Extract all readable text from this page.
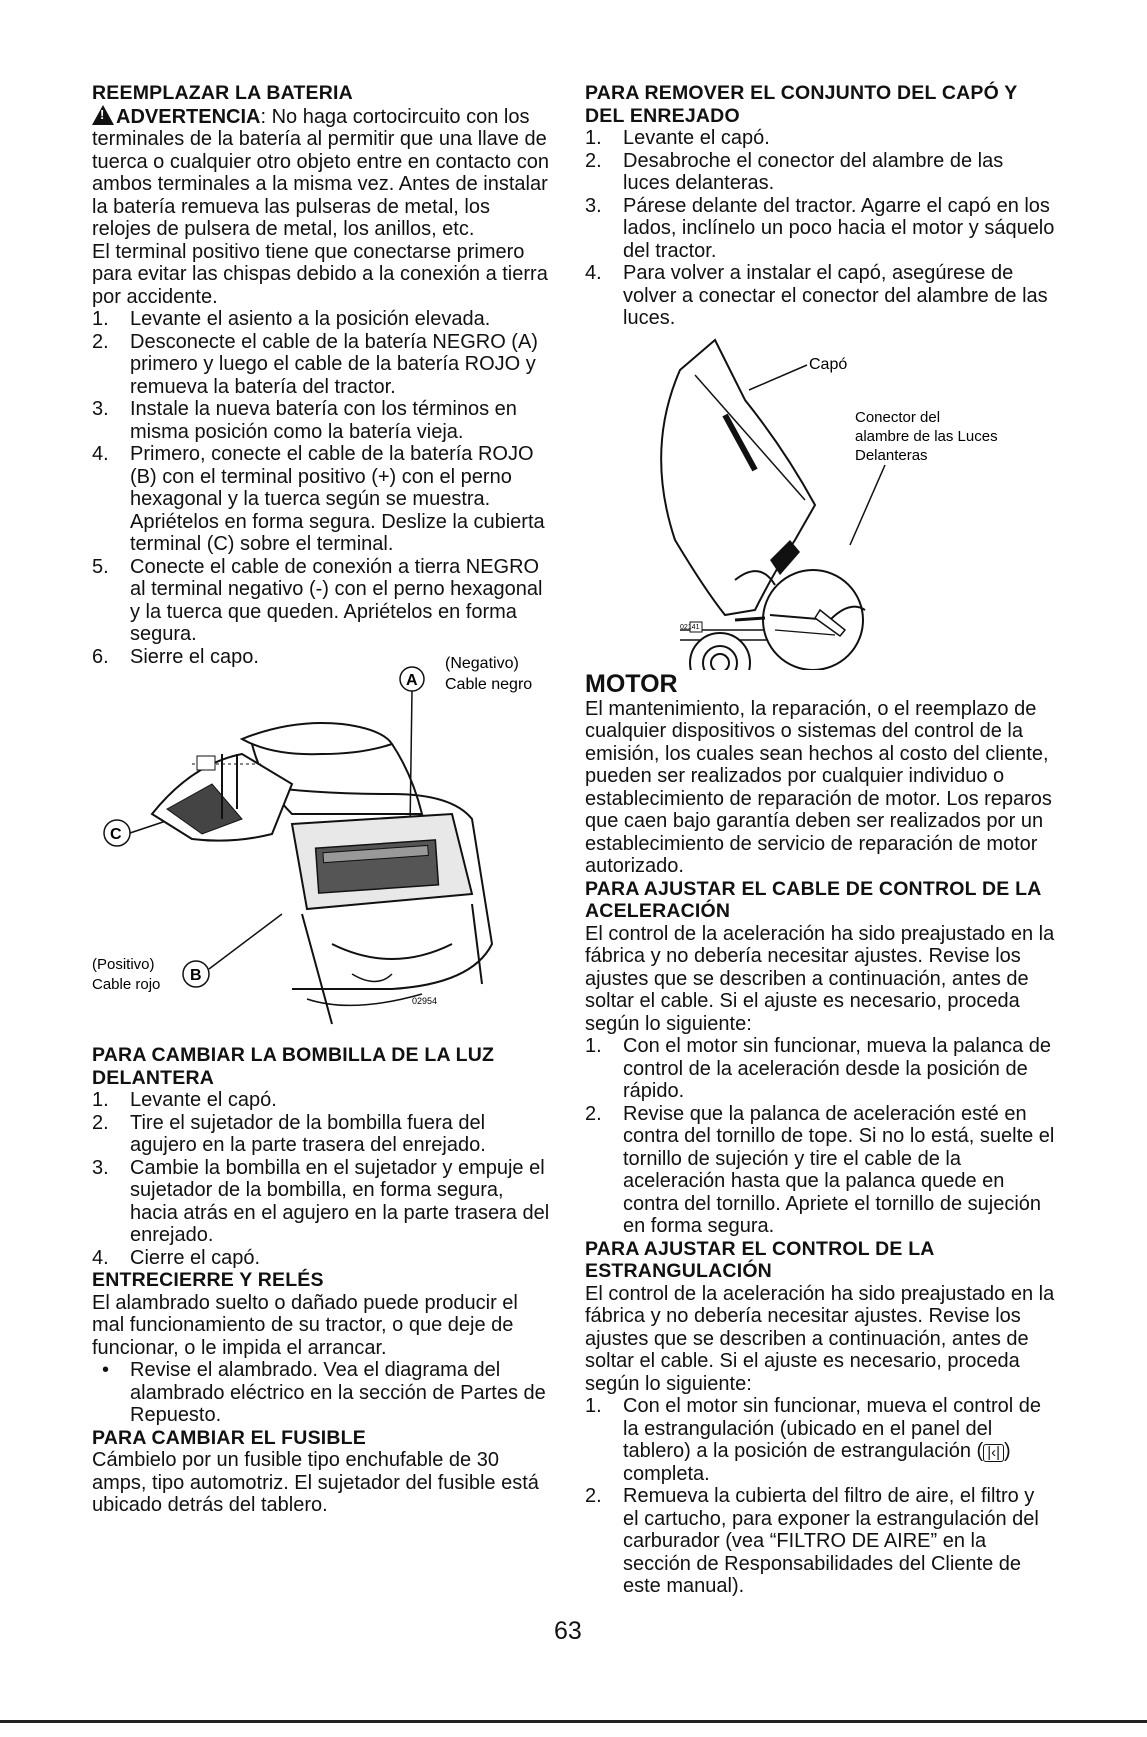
REEMPLAZAR LA BATERIA

! ADVERTENCIA: No haga cortocircuito con los terminales de la batería al permitir que una llave de tuerca o cualquier otro objeto entre en contacto con ambos terminales a la misma vez. Antes de instalar la batería remueva las pulseras de metal, los relojes de pulsera de metal, los anillos, etc.

El terminal positivo tiene que conectarse primero para evitar las chispas debido a la conexión a tierra por accidente.

1.	Levante el asiento a la posición elevada.
2.	Desconecte el cable de la batería NEGRO (A) primero y luego el cable de la batería ROJO y remueva la batería del tractor.
3.	Instale la nueva batería con los términos en misma posición como la batería vieja.
4.	Primero, conecte el cable de la batería ROJO (B) con el terminal positivo (+) con el perno hexagonal y la tuerca según se muestra. Apriételos en forma segura. Deslize la cubierta terminal (C) sobre el terminal.
5.	Conecte el cable de conexión a tierra NEGRO al terminal negativo (-) con el perno hexagonal y la tuerca que queden. Apriételos en forma segura.
6.	Sierre el capo.	(Negativo)
Cable negro
A
C
(Positivo)
Cable rojo
B
02954
PARA CAMBIAR LA BOMBILLA DE LA LUZ DELANTERA
1.	Levante el capó.
2.	Tire el sujetador de la bombilla fuera del agujero en la parte trasera del enrejado.
3.	Cambie la bombilla en el sujetador y empuje el sujetador de la bombilla, en forma segura, hacia atrás en el agujero en la parte trasera del enrejado.
4.	Cierre el capó.
ENTRECIERRE Y RELÉS

El alambrado suelto o dañado puede producir el mal funcionamiento de su tractor, o que deje de funcionar, o le impida el arrancar.

•	Revise el alambrado. Vea el diagrama del alambrado eléctrico en la sección de Partes de Repuesto.
PARA CAMBIAR EL FUSIBLE

Cámbielo por un fusible tipo enchufable de 30 amps, tipo automotriz. El sujetador del fusible está ubicado detrás del tablero.

PARA REMOVER EL CONJUNTO DEL CAPÓ Y DEL ENREJADO
1.	Levante el capó.
2.	Desabroche el conector del alambre de las luces delanteras.
3.	Párese delante del tractor. Agarre el capó en los lados, inclínelo un poco hacia el motor y sáquelo del tractor.
4.	Para volver a instalar el capó, asegúrese de volver a conectar el conector del alambre de las luces.
02141
Capó
Conector del
alambre de las Luces
Delanteras
MOTOR

El mantenimiento, la reparación, o el reemplazo de cualquier dispositivos o sistemas del control de la emisión, los cuales sean hechos al costo del cliente, pueden ser realizados por cualquier individuo o establecimiento de reparación de motor. Los reparos que caen bajo garantía deben ser realizados por un establecimiento de servicio de reparación de motor autorizado.

PARA AJUSTAR EL CABLE DE CONTROL DE LA ACELERACIÓN

El control de la aceleración ha sido preajustado en la fábrica y no debería necesitar ajustes. Revise los ajustes que se describen a continuación, antes de soltar el cable. Si el ajuste es necesario, proceda según lo siguiente:

1.	Con el motor sin funcionar, mueva la palanca de control de la aceleración desde la posición de rápido.
2.	Revise que la palanca de aceleración esté en contra del tornillo de tope. Si no lo está, suelte el tornillo de sujeción y tire el cable de la aceleración hasta que la palanca quede en contra del tornillo. Apriete el tornillo de sujeción en forma segura.
PARA AJUSTAR EL CONTROL DE LA ESTRANGULACIÓN

El control de la aceleración ha sido preajustado en la fábrica y no debería necesitar ajustes. Revise los ajustes que se describen a continuación, antes de soltar el cable. Si el ajuste es necesario, proceda según lo siguiente:

1.	Con el motor sin funcionar, mueva el control de la estrangulación (ubicado en el panel del tablero) a la posición de estrangulación ( |‹| ) completa.
2.	Remueva la cubierta del filtro de aire, el filtro y el cartucho, para exponer la estrangulación del carburador (vea “FILTRO DE AIRE” en la sección de Responsabilidades del Cliente de este manual).
63
